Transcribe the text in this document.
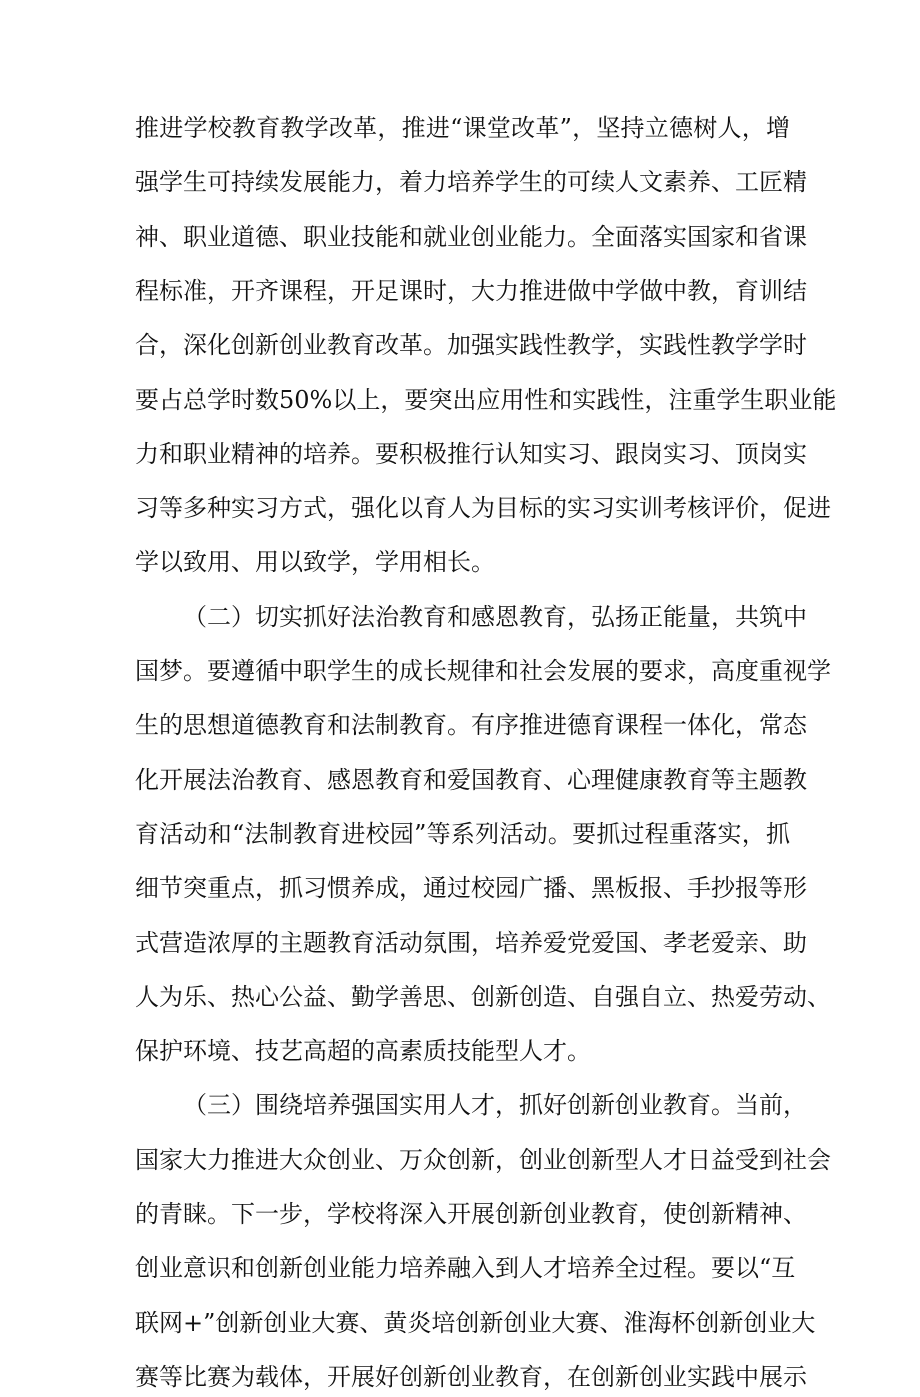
推进学校教育教学改革，推进“课堂改革”，坚持立德树人，增
强学生可持续发展能力，着力培养学生的可续人文素养、工匠精
神、职业道德、职业技能和就业创业能力。全面落实国家和省课
程标准，开齐课程，开足课时，大力推进做中学做中教，育训结
合，深化创新创业教育改革。加强实践性教学，实践性教学学时
要占总学时数50%以上，要突出应用性和实践性，注重学生职业能
力和职业精神的培养。要积极推行认知实习、跟岗实习、顶岗实
习等多种实习方式，强化以育人为目标的实习实训考核评价，促进
学以致用、用以致学，学用相长。
（二）切实抓好法治教育和感恩教育，弘扬正能量，共筑中
国梦。要遵循中职学生的成长规律和社会发展的要求，高度重视学
生的思想道德教育和法制教育。有序推进德育课程一体化，常态
化开展法治教育、感恩教育和爱国教育、心理健康教育等主题教
育活动和“法制教育进校园”等系列活动。要抓过程重落实，抓
细节突重点，抓习惯养成，通过校园广播、黑板报、手抄报等形
式营造浓厚的主题教育活动氛围，培养爱党爱国、孝老爱亲、助
人为乐、热心公益、勤学善思、创新创造、自强自立、热爱劳动、
保护环境、技艺高超的高素质技能型人才。
（三）围绕培养强国实用人才，抓好创新创业教育。当前，
国家大力推进大众创业、万众创新，创业创新型人才日益受到社会
的青睐。下一步，学校将深入开展创新创业教育，使创新精神、
创业意识和创新创业能力培养融入到人才培养全过程。要以“互
联网+”创新创业大赛、黄炎培创新创业大赛、淮海杯创新创业大
赛等比赛为载体，开展好创新创业教育，在创新创业实践中展示
